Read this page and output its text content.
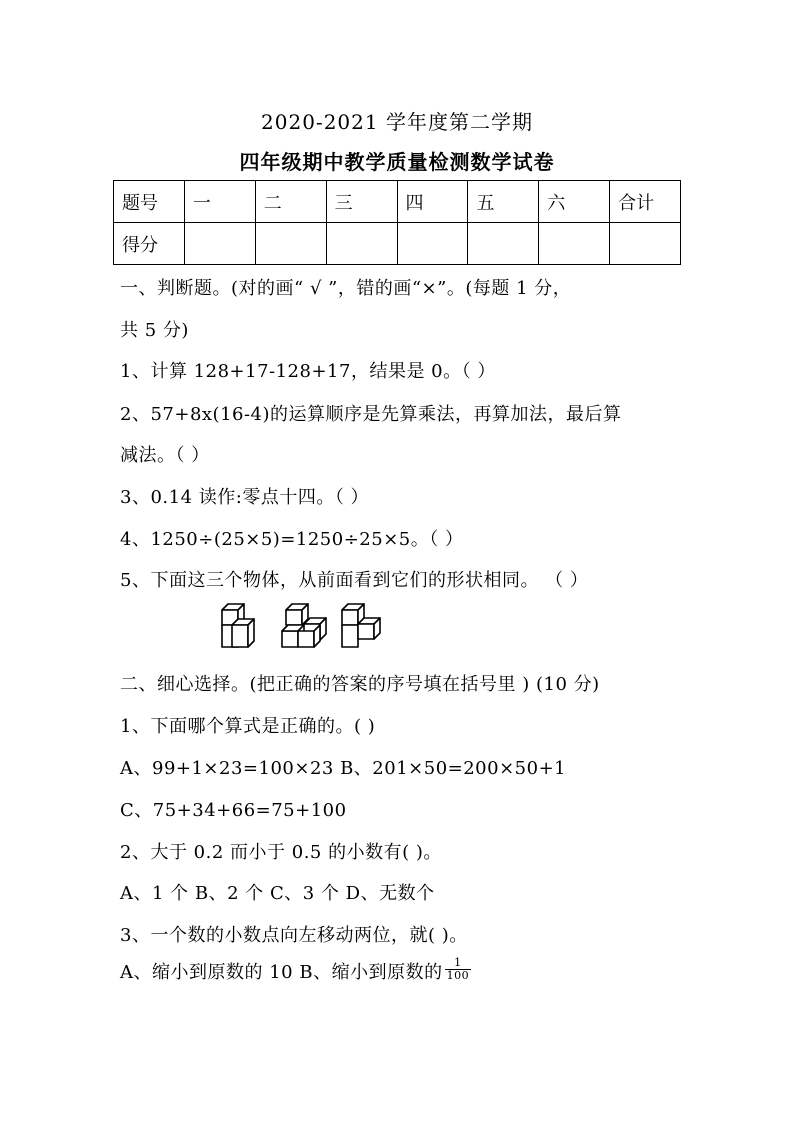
2020-2021 学年度第二学期
四年级期中教学质量检测数学试卷
题号	一	二	三	四	五	六	合计
得分							
一、判断题。(对的画“ √ ”，错的画“×”。(每题 1 分，
共 5 分)
1、计算 128+17-128+17，结果是 0。（ ）
2、57+8x(16-4)的运算顺序是先算乘法，再算加法，最后算
减法。（ ）
3、0.14 读作:零点十四。（ ）
4、1250÷(25×5)=1250÷25×5。（ ）
5、下面这三个物体，从前面看到它们的形状相同。 （ ）
二、细心选择。(把正确的答案的序号填在括号里 ) (10 分)
1、下面哪个算式是正确的。( )
A、99+1×23=100×23 B、201×50=200×50+1
C、75+34+66=75+100
2、大于 0.2 而小于 0.5 的小数有( )。
A、1 个 B、2 个 C、3 个 D、无数个
3、一个数的小数点向左移动两位，就( )。
A、缩小到原数的 10 B、缩小到原数的 $\frac{1}{100}$
